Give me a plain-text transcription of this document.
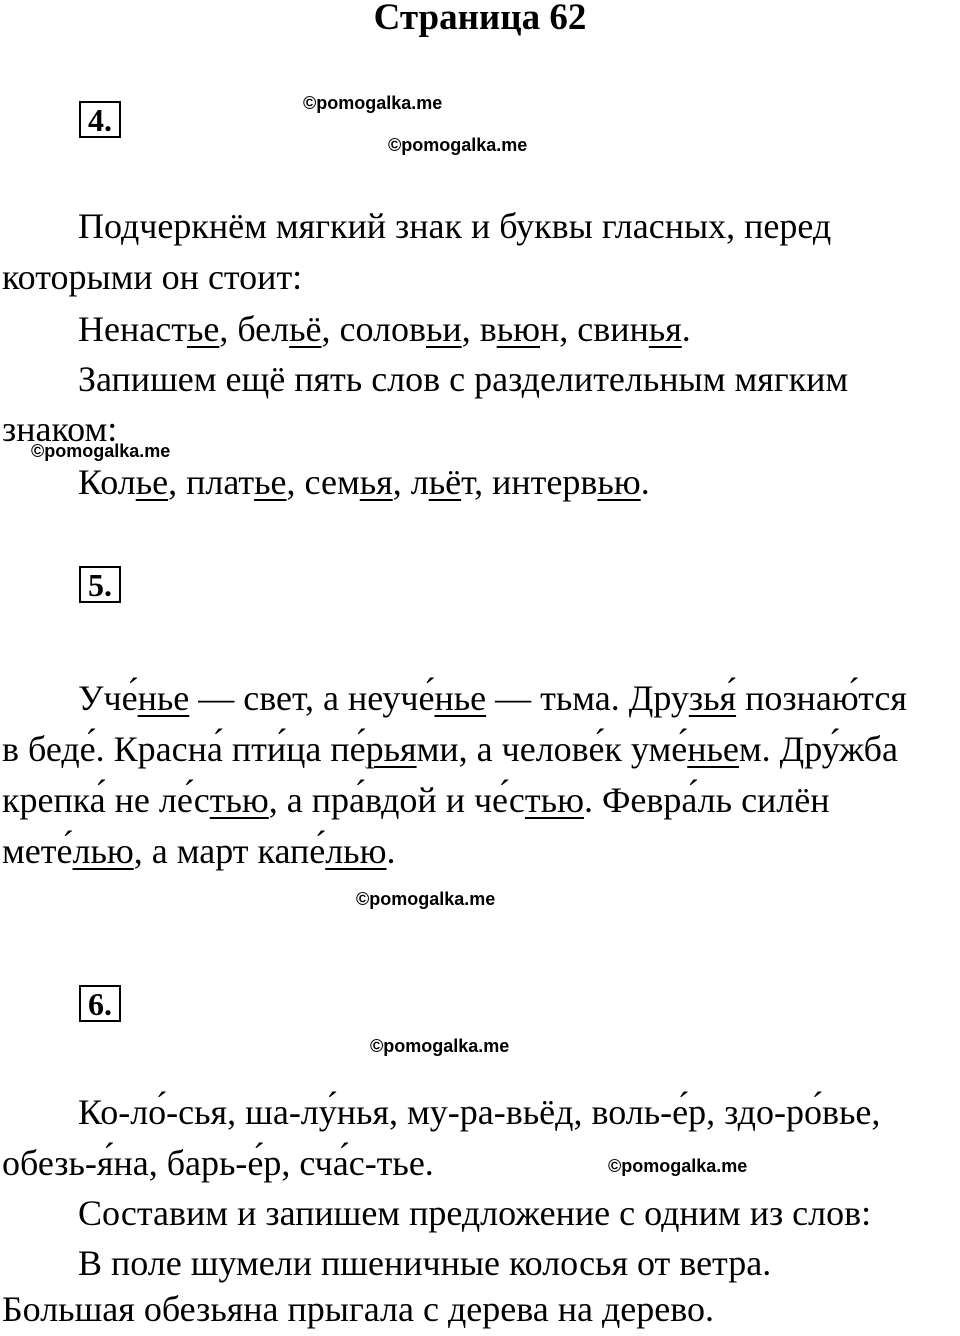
Страница 62
4.	©pomogalka.me
©pomogalka.me

Подчеркнём мягкий знак и буквы гласных, перед

которыми он стоит:

Ненастье, бельё, соловьи, вьюн, свинья.

Запишем ещё пять слов с разделительным мягким

знаком:

©pomogalka.me

Колье, платье, семья, льёт, интервью.

5.

Уче́нье — свет, а неуче́нье — тьма. Друзья́ познаю́тся

в беде́. Красна́ пти́ца пе́рьями, а челове́к уме́ньем. Дру́жба

крепка́ не ле́стью, а пра́вдой и че́стью. Февра́ль силён

мете́лью, а март капе́лью.

©pomogalka.me
6.
©pomogalka.me

Ко-ло́-сья, ша-лу́нья, му-ра-вьёд, воль-е́р, здо-ро́вье,

обезь-я́на, барь-е́р, сча́с-тье.	©pomogalka.me

Составим и запишем предложение с одним из слов:

В поле шумели пшеничные колосья от ветра.

Большая обезьяна прыгала с дерева на дерево.
